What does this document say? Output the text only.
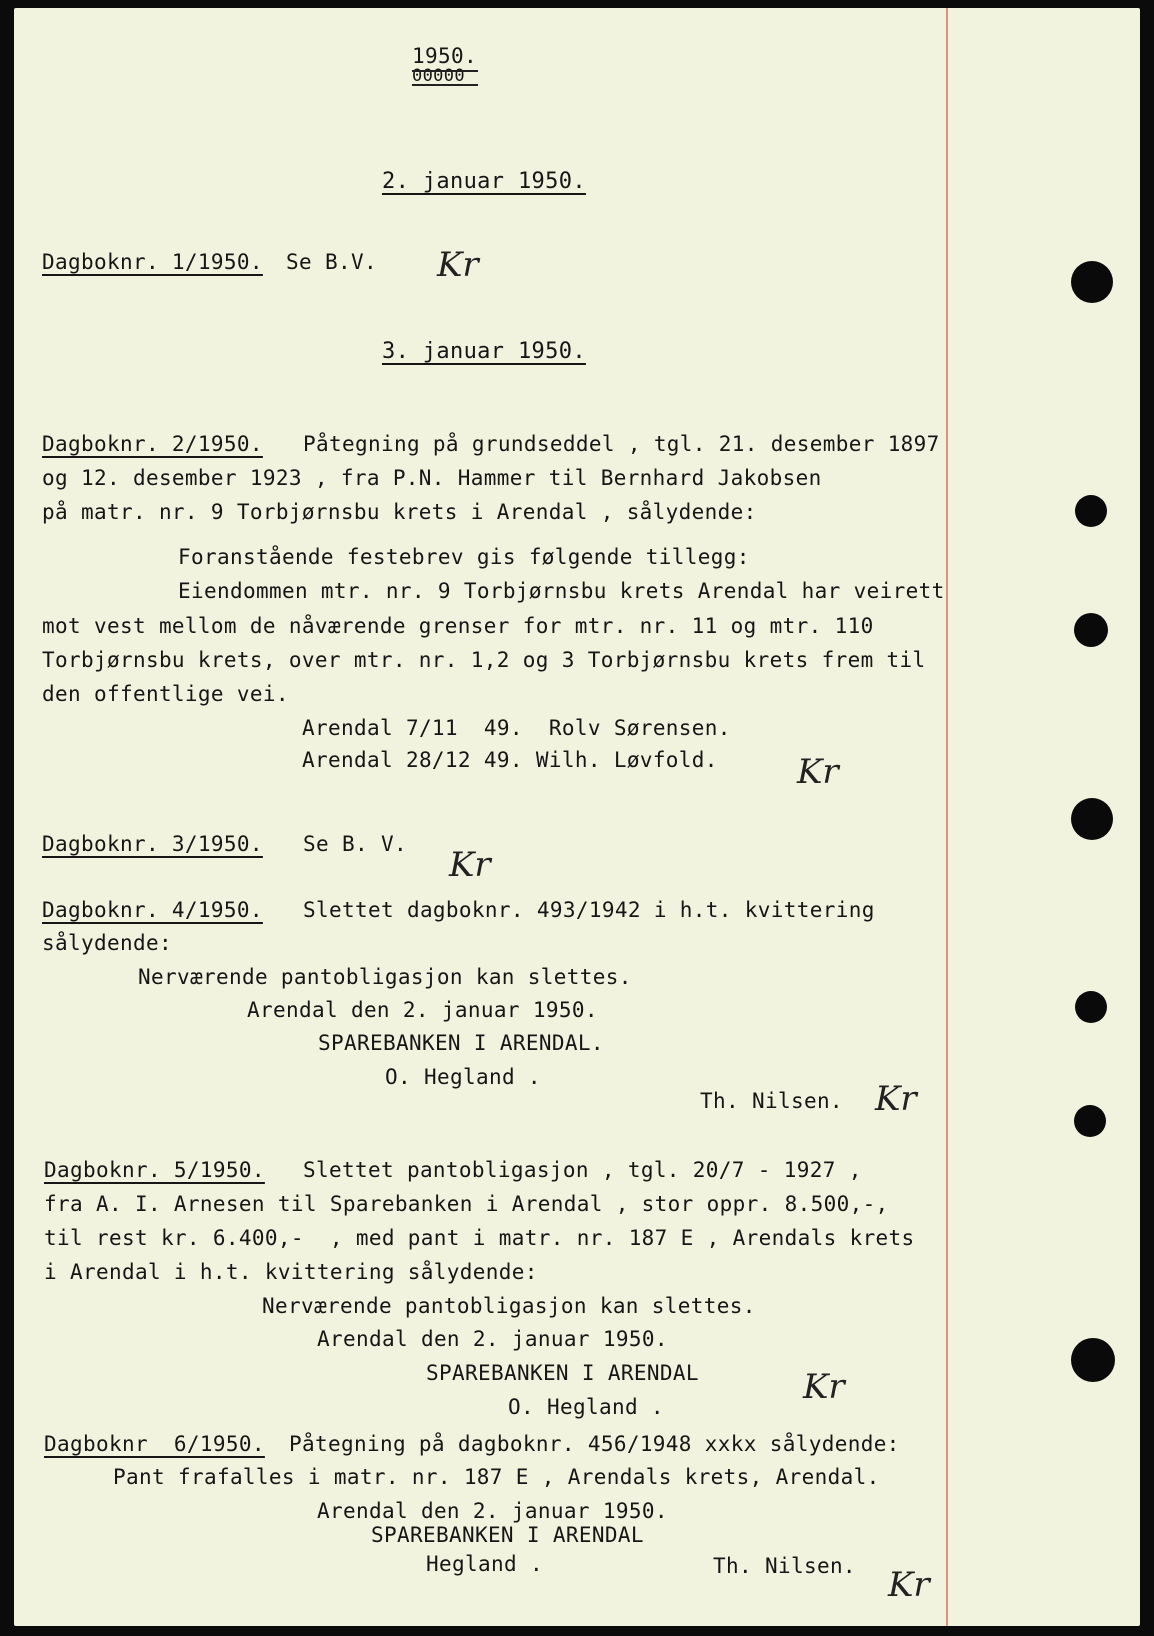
1950.
00000
2. januar 1950.
Dagboknr. 1/1950. Se B.V. Kr
3. januar 1950.
Dagboknr. 2/1950. Påtegning på grundseddel , tgl. 21. desember 1897
og 12. desember 1923 , fra P.N. Hammer til Bernhard Jakobsen
på matr. nr. 9 Torbjørnsbu krets i Arendal , sålydende:
Foranstående festebrev gis følgende tillegg:
Eiendommen mtr. nr. 9 Torbjørnsbu krets Arendal har veirett
mot vest mellom de nåværende grenser for mtr. nr. 11 og mtr. 110
Torbjørnsbu krets, over mtr. nr. 1,2 og 3 Torbjørnsbu krets frem til
den offentlige vei.
Arendal 7/11  49.  Rolv Sørensen.
Arendal 28/12 49. Wilh. Løvfold. Kr
Dagboknr. 3/1950. Se B. V.
Kr
Dagboknr. 4/1950. Slettet dagboknr. 493/1942 i h.t. kvittering
sålydende:
Nerværende pantobligasjon kan slettes.
Arendal den 2. januar 1950.
SPAREBANKEN I ARENDAL.
O. Hegland .
Th. Nilsen. Kr
Dagboknr. 5/1950. Slettet pantobligasjon , tgl. 20/7 - 1927 ,
fra A. I. Arnesen til Sparebanken i Arendal , stor oppr. 8.500,-,
til rest kr. 6.400,-  , med pant i matr. nr. 187 E , Arendals krets
i Arendal i h.t. kvittering sålydende:
Nerværende pantobligasjon kan slettes.
Arendal den 2. januar 1950.
SPAREBANKEN I ARENDAL
O. Hegland .	Kr
Dagboknr  6/1950. Påtegning på dagboknr. 456/1948 xxkx sålydende:
Pant frafalles i matr. nr. 187 E , Arendals krets, Arendal.
Arendal den 2. januar 1950.
SPAREBANKEN I ARENDAL
Hegland .	Th. Nilsen. Kr
